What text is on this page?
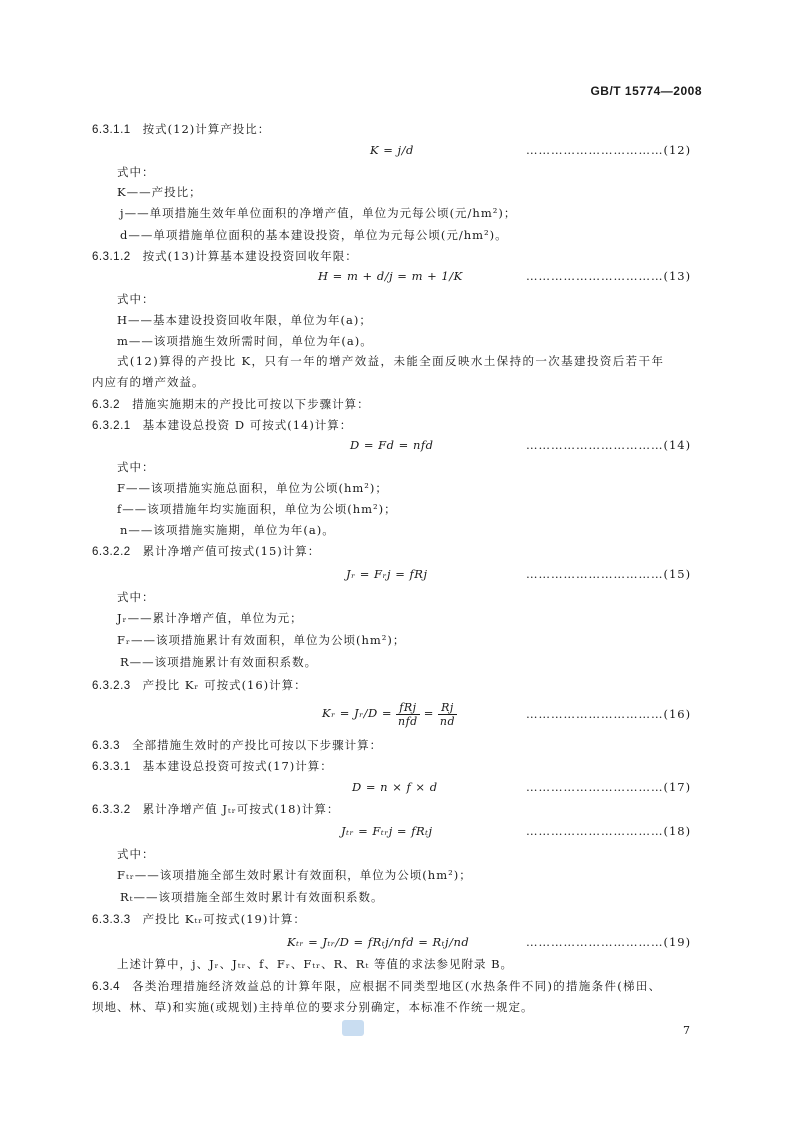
GB/T 15774—2008
6.3.1.1 按式(12)计算产投比：
K = j/d	……………………………(12)
式中：
K——产投比；
j——单项措施生效年单位面积的净增产值，单位为元每公顷(元/hm²)；
d——单项措施单位面积的基本建设投资，单位为元每公顷(元/hm²)。
6.3.1.2 按式(13)计算基本建设投资回收年限：
H = m + d/j = m + 1/K	……………………………(13)
式中：
H——基本建设投资回收年限，单位为年(a)；
m——该项措施生效所需时间，单位为年(a)。
式(12)算得的产投比 K，只有一年的增产效益，未能全面反映水土保持的一次基建投资后若干年
内应有的增产效益。
6.3.2 措施实施期末的产投比可按以下步骤计算：
6.3.2.1 基本建设总投资 D 可按式(14)计算：
D = Fd = nfd	……………………………(14)
式中：
F——该项措施实施总面积，单位为公顷(hm²)；
f——该项措施年均实施面积，单位为公顷(hm²)；
n——该项措施实施期，单位为年(a)。
6.3.2.2 累计净增产值可按式(15)计算：
Jᵣ = Fᵣj = fRj	……………………………(15)
式中：
Jᵣ——累计净增产值，单位为元；
Fᵣ——该项措施累计有效面积，单位为公顷(hm²)；
R——该项措施累计有效面积系数。
6.3.2.3 产投比 Kᵣ 可按式(16)计算：
Kᵣ = Jᵣ/D = $\frac{\text{fRj}}{\text{nfd}} = \frac{Rj}{nd}$	……………………………(16)
6.3.3 全部措施生效时的产投比可按以下步骤计算：
6.3.3.1 基本建设总投资可按式(17)计算：
D = n × f × d	……………………………(17)
6.3.3.2 累计净增产值 Jₜᵣ可按式(18)计算：
Jₜᵣ = Fₜᵣj = fRₜj	……………………………(18)
式中：
Fₜᵣ——该项措施全部生效时累计有效面积，单位为公顷(hm²)；
Rₜ——该项措施全部生效时累计有效面积系数。
6.3.3.3 产投比 Kₜᵣ可按式(19)计算：
Kₜᵣ = Jₜᵣ/D = fRₜj/nfd = Rₜj/nd	……………………………(19)
上述计算中，j、Jᵣ、Jₜᵣ、f、Fᵣ、Fₜᵣ、R、Rₜ 等值的求法参见附录 B。
6.3.4 各类治理措施经济效益总的计算年限，应根据不同类型地区(水热条件不同)的措施条件(梯田、
坝地、林、草)和实施(或规划)主持单位的要求分别确定，本标准不作统一规定。
7
